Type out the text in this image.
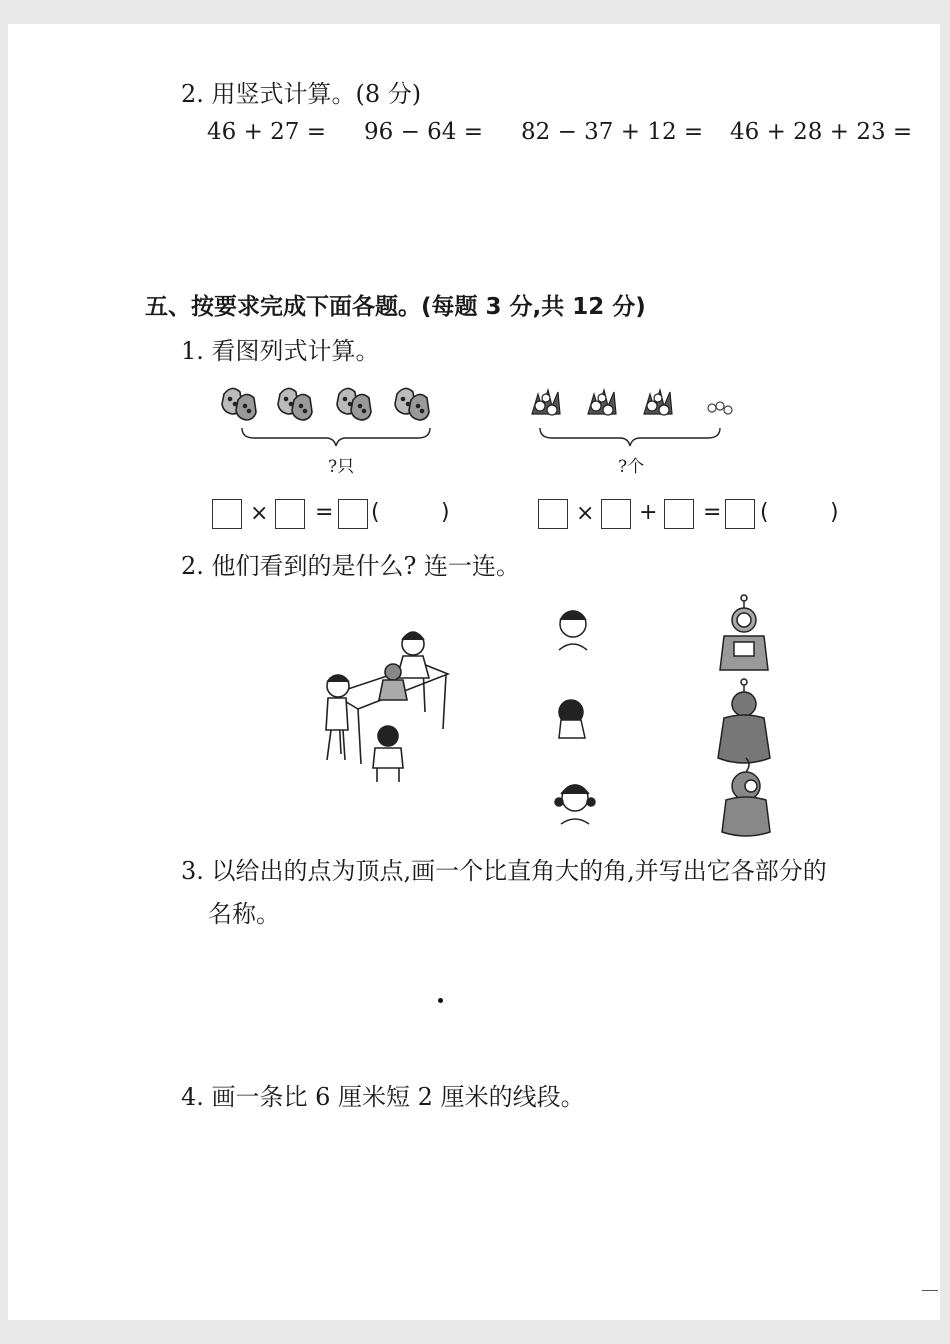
2. 用竖式计算。(8 分)
46 + 27 = 96 − 64 = 82 − 37 + 12 = 46 + 28 + 23 =
五、按要求完成下面各题。(每题 3 分,共 12 分)
1. 看图列式计算。
?只	?个
× = (	)	× + = (	)
2. 他们看到的是什么? 连一连。
3. 以给出的点为顶点,画一个比直角大的角,并写出它各部分的
名称。
4. 画一条比 6 厘米短 2 厘米的线段。
